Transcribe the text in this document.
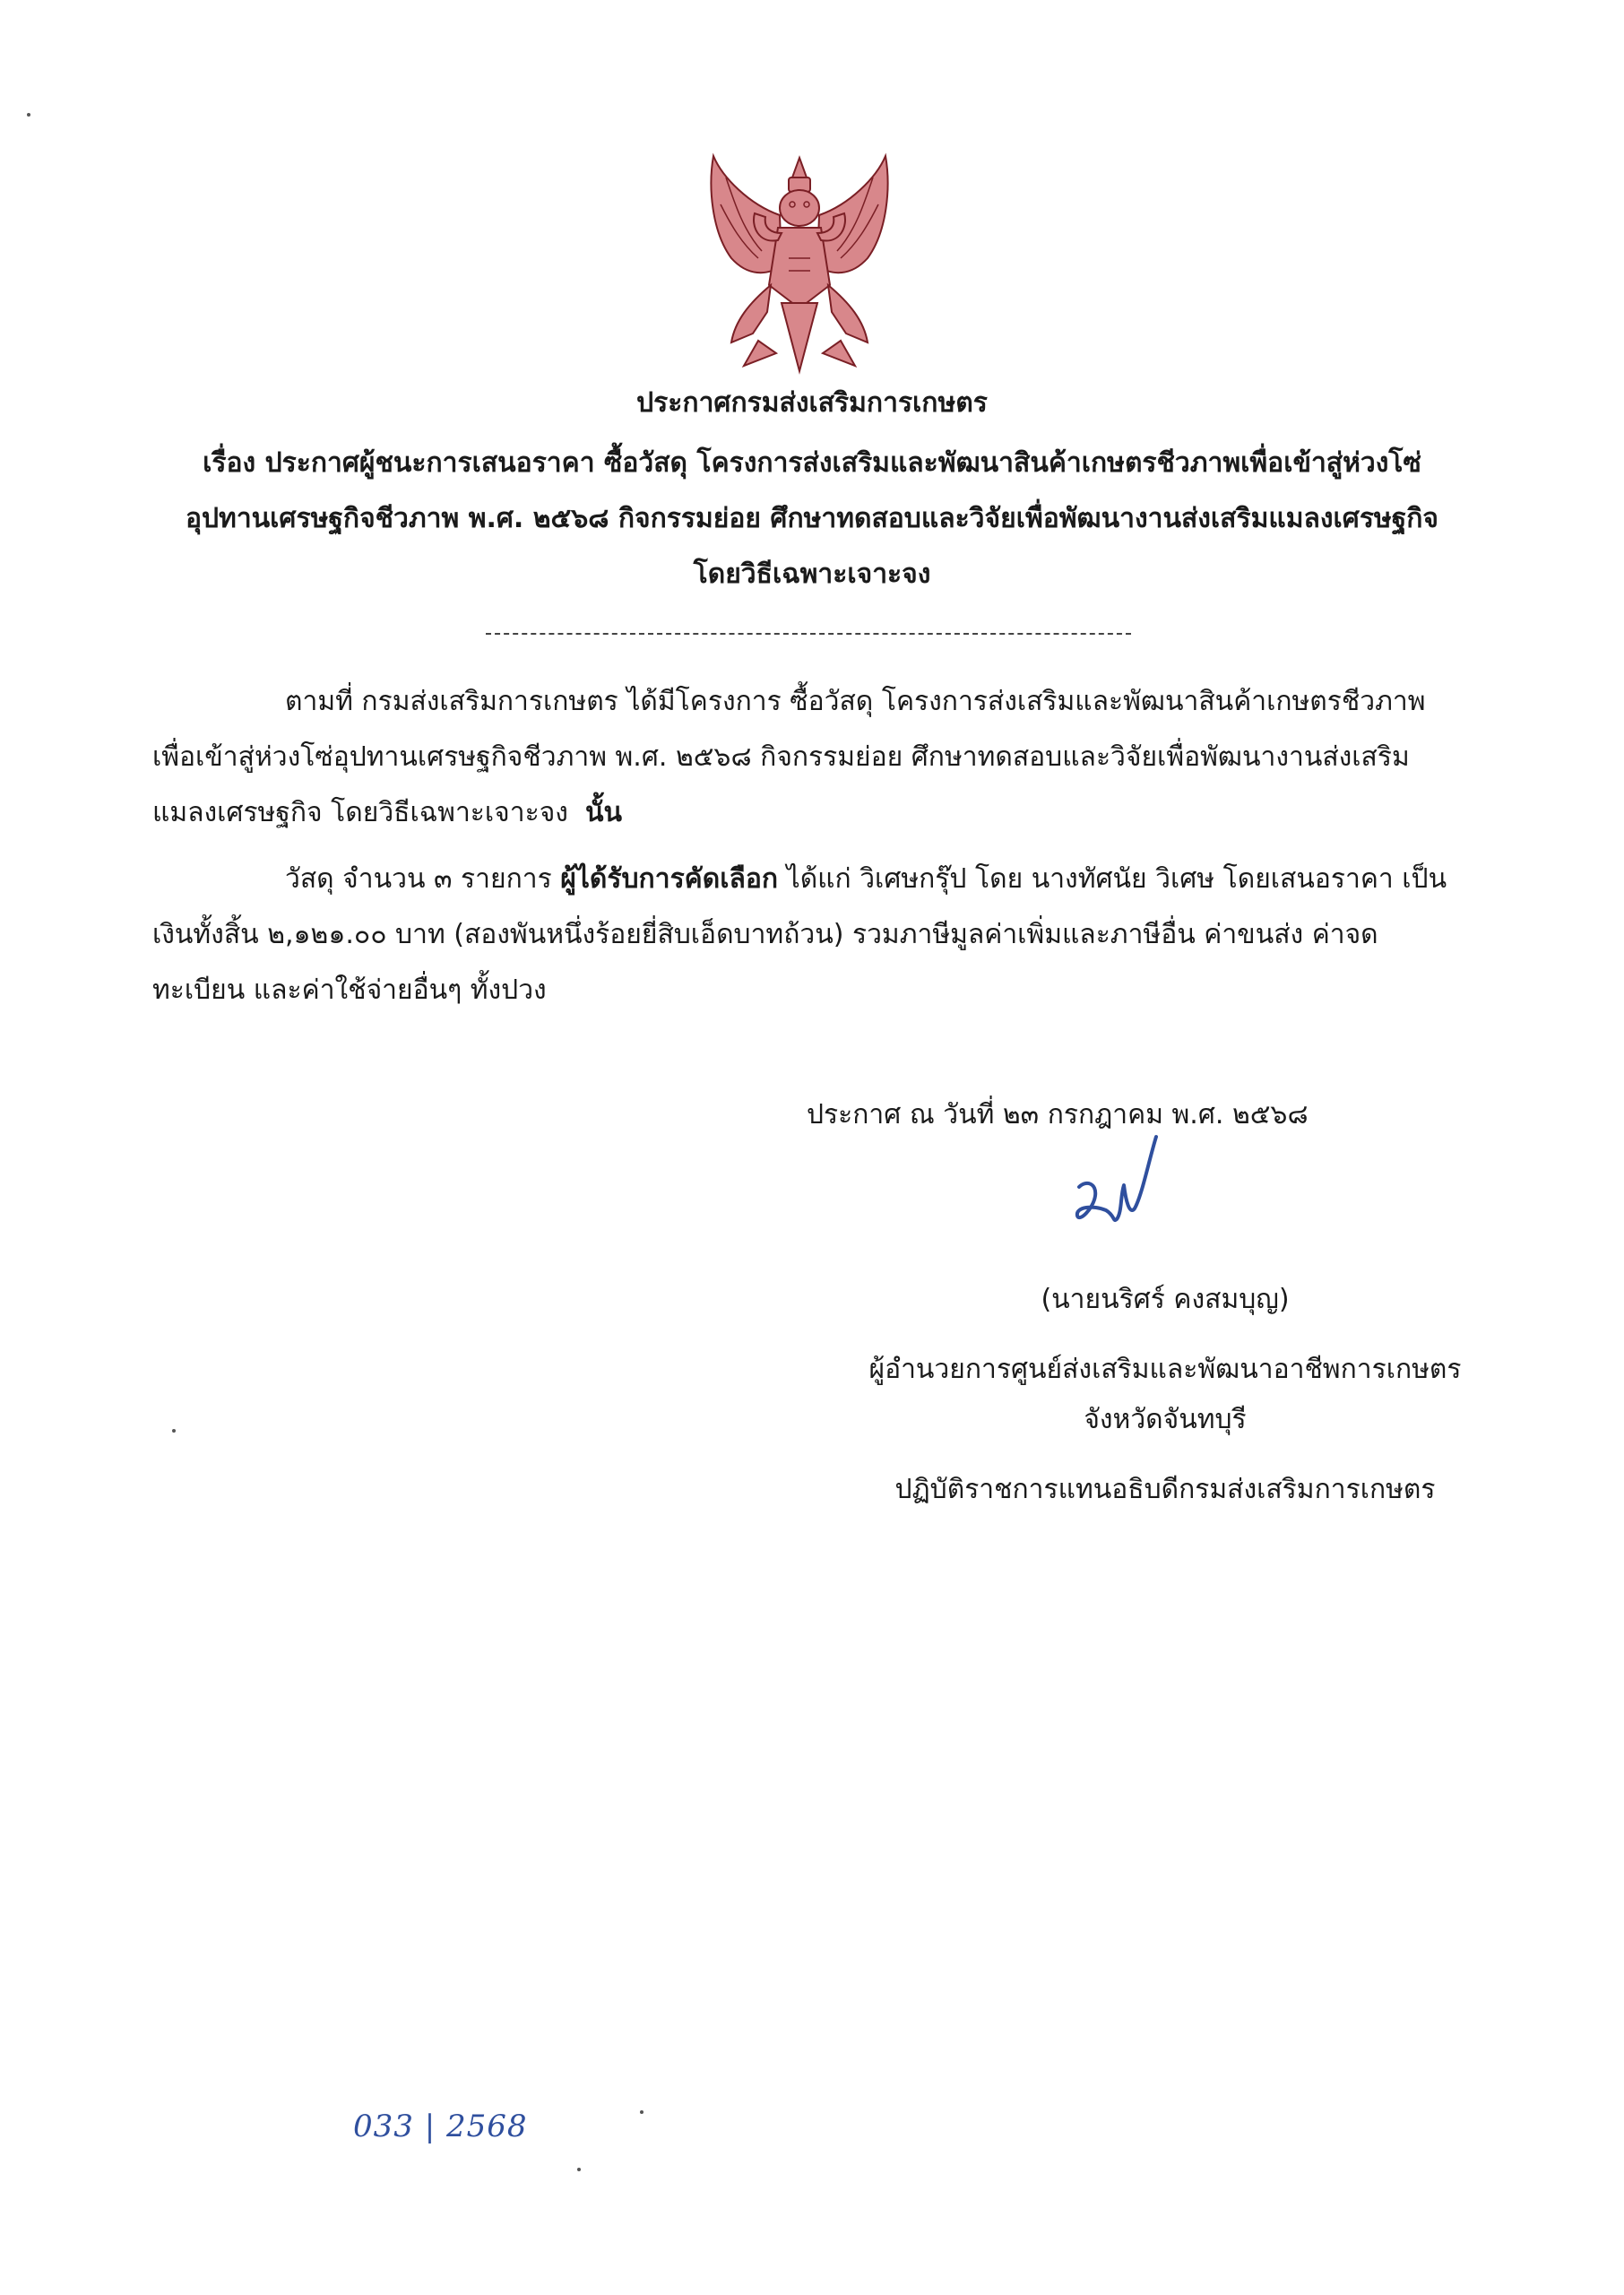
ประกาศกรมส่งเสริมการเกษตร
เรื่อง ประกาศผู้ชนะการเสนอราคา ซื้อวัสดุ โครงการส่งเสริมและพัฒนาสินค้าเกษตรชีวภาพเพื่อเข้าสู่ห่วงโซ่
อุปทานเศรษฐกิจชีวภาพ พ.ศ. ๒๕๖๘ กิจกรรมย่อย ศึกษาทดสอบและวิจัยเพื่อพัฒนางานส่งเสริมแมลงเศรษฐกิจ
โดยวิธีเฉพาะเจาะจง
ตามที่ กรมส่งเสริมการเกษตร ได้มีโครงการ ซื้อวัสดุ โครงการส่งเสริมและพัฒนาสินค้าเกษตรชีวภาพเพื่อเข้าสู่ห่วงโซ่อุปทานเศรษฐกิจชีวภาพ พ.ศ. ๒๕๖๘ กิจกรรมย่อย ศึกษาทดสอบและวิจัยเพื่อพัฒนางานส่งเสริมแมลงเศรษฐกิจ โดยวิธีเฉพาะเจาะจง นั้น
วัสดุ จำนวน ๓ รายการ ผู้ได้รับการคัดเลือก ได้แก่ วิเศษกรุ๊ป โดย นางทัศนัย วิเศษ โดยเสนอราคา เป็นเงินทั้งสิ้น ๒,๑๒๑.๐๐ บาท (สองพันหนึ่งร้อยยี่สิบเอ็ดบาทถ้วน) รวมภาษีมูลค่าเพิ่มและภาษีอื่น ค่าขนส่ง ค่าจดทะเบียน และค่าใช้จ่ายอื่นๆ ทั้งปวง
ประกาศ ณ วันที่ ๒๓ กรกฎาคม พ.ศ. ๒๕๖๘
(นายนริศร์ คงสมบุญ)
ผู้อำนวยการศูนย์ส่งเสริมและพัฒนาอาชีพการเกษตร
จังหวัดจันทบุรี
ปฏิบัติราชการแทนอธิบดีกรมส่งเสริมการเกษตร
033 | 2568
